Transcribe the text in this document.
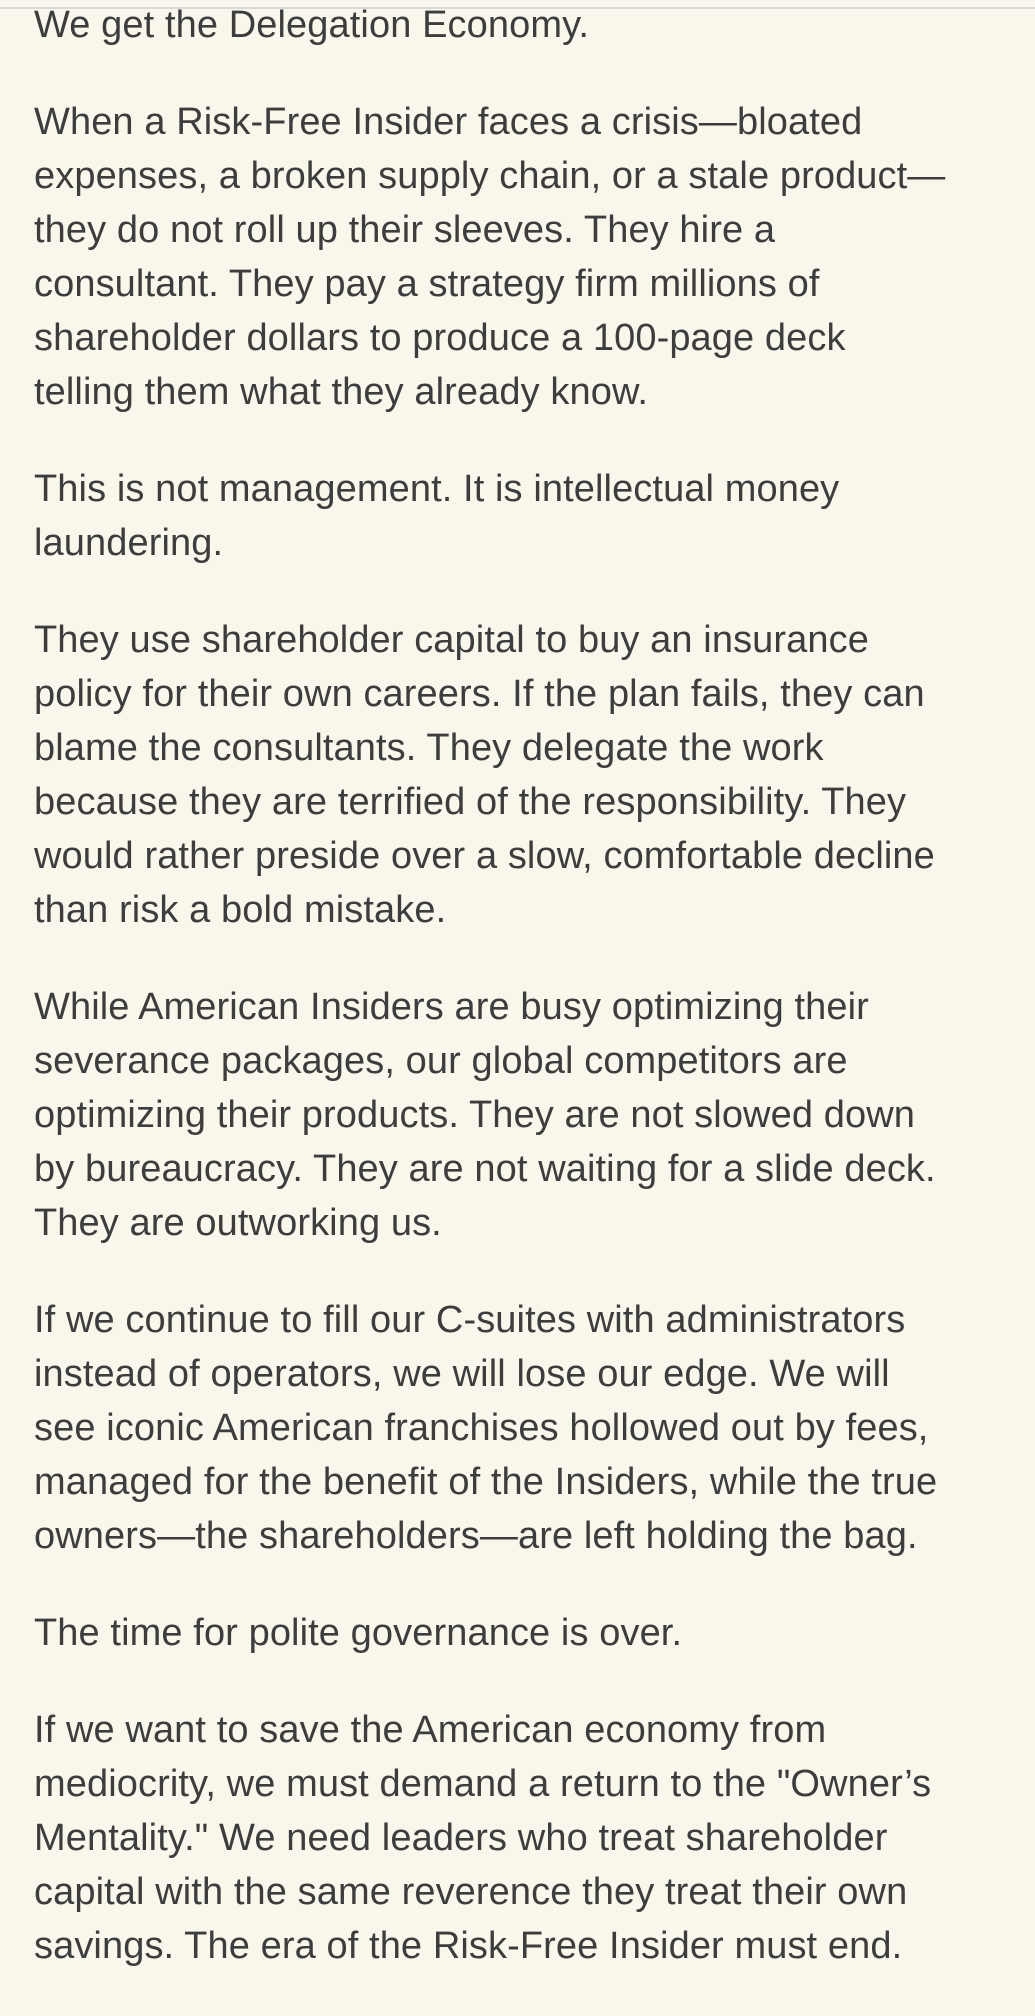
We get the Delegation Economy.

When a Risk-Free Insider faces a crisis—bloated
expenses, a broken supply chain, or a stale product—
they do not roll up their sleeves. They hire a
consultant. They pay a strategy firm millions of
shareholder dollars to produce a 100-page deck
telling them what they already know.

This is not management. It is intellectual money
laundering.

They use shareholder capital to buy an insurance
policy for their own careers. If the plan fails, they can
blame the consultants. They delegate the work
because they are terrified of the responsibility. They
would rather preside over a slow, comfortable decline
than risk a bold mistake.

While American Insiders are busy optimizing their
severance packages, our global competitors are
optimizing their products. They are not slowed down
by bureaucracy. They are not waiting for a slide deck.
They are outworking us.

If we continue to fill our C-suites with administrators
instead of operators, we will lose our edge. We will
see iconic American franchises hollowed out by fees,
managed for the benefit of the Insiders, while the true
owners—the shareholders—are left holding the bag.

The time for polite governance is over.

If we want to save the American economy from
mediocrity, we must demand a return to the "Owner’s
Mentality." We need leaders who treat shareholder
capital with the same reverence they treat their own
savings. The era of the Risk-Free Insider must end.
